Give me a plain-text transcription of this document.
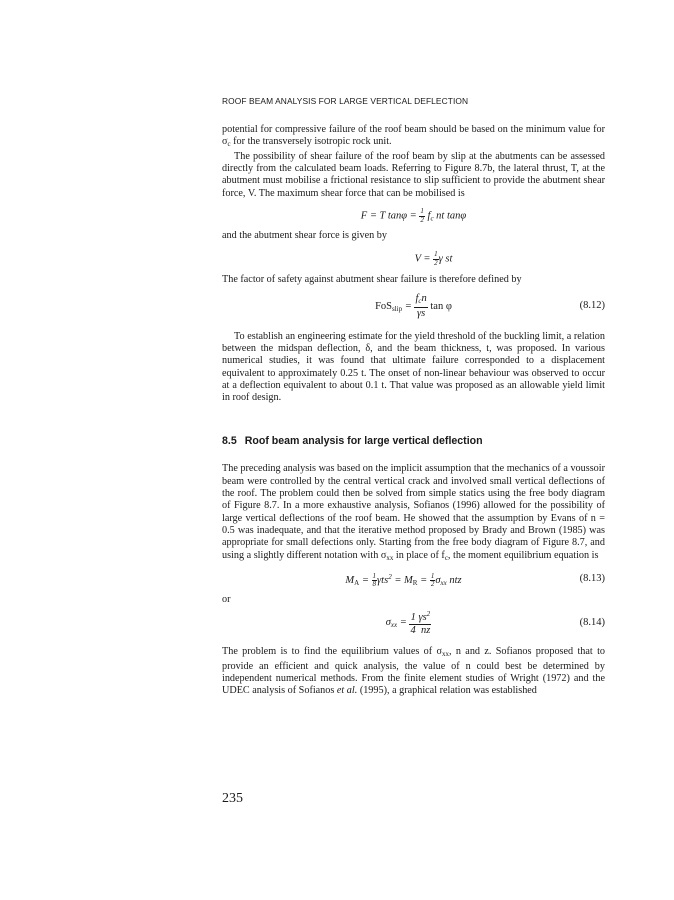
ROOF BEAM ANALYSIS FOR LARGE VERTICAL DEFLECTION

potential for compressive failure of the roof beam should be based on the minimum value for $\sigma_c$ for the transversely isotropic rock unit.

The possibility of shear failure of the roof beam by slip at the abutments can be assessed directly from the calculated beam loads. Referring to Figure 8.7b, the lateral thrust, T, at the abutment must mobilise a frictional resistance to slip sufficient to provide the abutment shear force, V. The maximum shear force that can be mobilised is

F = T $\tan\varphi = \frac{1}{2} f_c$ nt tanφ

and the abutment shear force is given by

$V = \frac{1}{2}$ γ st

The factor of safety against abutment shear failure is therefore defined by

$FoS_{slip} = \frac{f_cn}{\gamma s}$ tan φ	(8.12)

To establish an engineering estimate for the yield threshold of the buckling limit, a relation between the midspan deflection, δ, and the beam thickness, t, was proposed. In various numerical studies, it was found that ultimate failure corresponded to a displacement equivalent to approximately 0.25 t. The onset of non-linear behaviour was observed to occur at a deflection equivalent to about 0.1 t. That value was proposed as an allowable yield limit in roof design.

8.5 Roof beam analysis for large vertical deflection

The preceding analysis was based on the implicit assumption that the mechanics of a voussoir beam were controlled by the central vertical crack and involved small vertical deflections of the roof. The problem could then be solved from simple statics using the free body diagram of Figure 8.7. In a more exhaustive analysis, Sofianos (1996) allowed for the possibility of large vertical deflections of the roof beam. He showed that the assumption by Evans of n = 0.5 was inadequate, and that the iterative method proposed by Brady and Brown (1985) was appropriate for small defections only. Starting from the free body diagram of Figure 8.7, and using a slightly different notation with $\sigma_{xx}$ in place of $f_c$, the moment equilibrium equation is

$M_A = \frac{1}{8} \gamma ts^2 = M_R = \frac{1}{2} \sigma_{xx}$ ntz	(8.13)

or

$\sigma_{xx} = \frac{1 \gamma s^2}{4 nz}$	(8.14)

The problem is to find the equilibrium values of $\sigma_{xx}$, n and z. Sofianos proposed that to provide an efficient and quick analysis, the value of n could best be determined by independent numerical methods. From the finite element studies of Wright (1972) and the UDEC analysis of Sofianos et al. (1995), a graphical relation was established

235
